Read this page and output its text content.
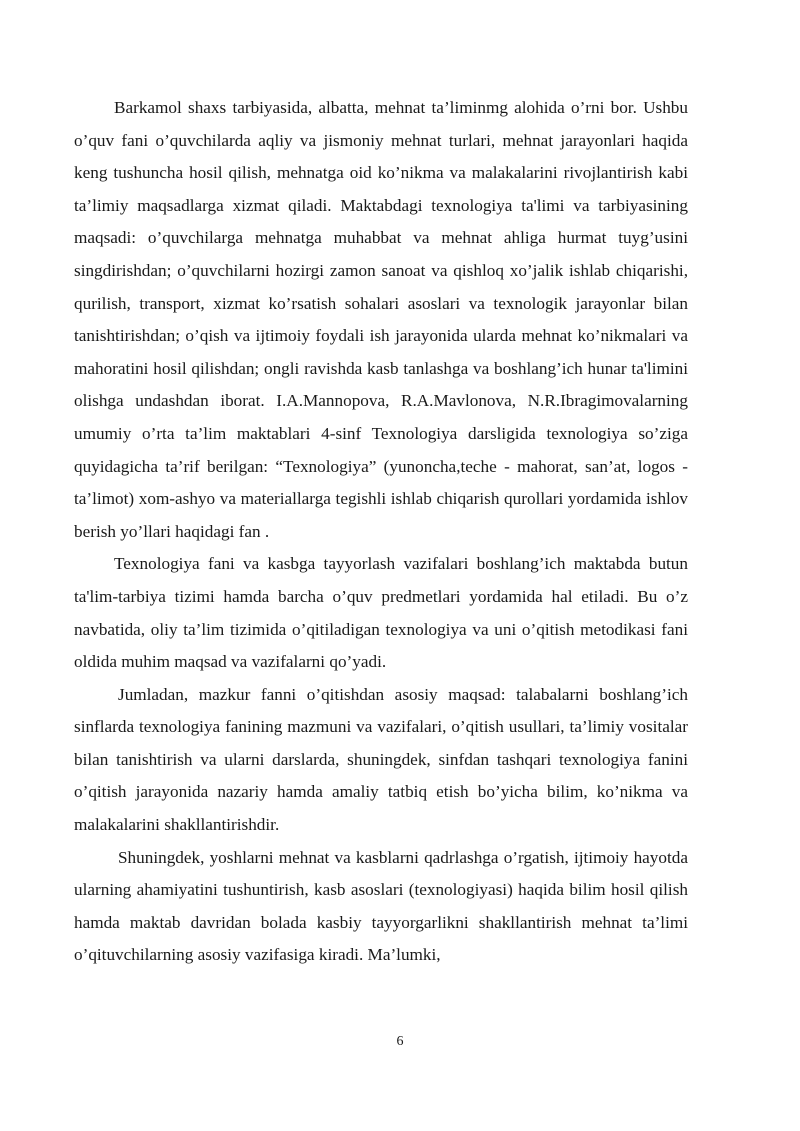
Barkamol shaxs tarbiyasida, albatta, mehnat ta’liminmg alohida o’rni bor. Ushbu o’quv fani o’quvchilarda aqliy va jismoniy mehnat turlari, mehnat jarayonlari haqida keng tushuncha hosil qilish, mehnatga oid ko’nikma va malakalarini rivojlantirish kabi ta’limiy maqsadlarga xizmat qiladi. Maktabdagi texnologiya ta'limi va tarbiyasining maqsadi: o’quvchilarga mehnatga muhabbat va mehnat ahliga hurmat tuyg’usini singdirishdan; o’quvchilarni hozirgi zamon sanoat va qishloq xo’jalik ishlab chiqarishi, qurilish, transport, xizmat ko’rsatish sohalari asoslari va texnologik jarayonlar bilan tanishtirishdan; o’qish va ijtimoiy foydali ish jarayonida ularda mehnat ko’nikmalari va mahoratini hosil qilishdan; ongli ravishda kasb tanlashga va boshlang’ich hunar ta'limini olishga undashdan iborat. I.A.Mannopova, R.A.Mavlonova, N.R.Ibragimovalarning umumiy o’rta ta’lim maktablari 4-sinf Texnologiya darsligida texnologiya so’ziga quyidagicha ta’rif berilgan: “Texnologiya” (yunoncha,teche - mahorat, san’at, logos -ta’limot) xom-ashyo va materiallarga tegishli ishlab chiqarish qurollari yordamida ishlov berish yo’llari haqidagi fan .

Texnologiya fani va kasbga tayyorlash vazifalari boshlang’ich maktabda butun ta'lim-tarbiya tizimi hamda barcha o’quv predmetlari yordamida hal etiladi. Bu o’z navbatida, oliy ta’lim tizimida o’qitiladigan texnologiya va uni o’qitish metodikasi fani oldida muhim maqsad va vazifalarni qo’yadi.

Jumladan, mazkur fanni o’qitishdan asosiy maqsad: talabalarni boshlang’ich sinflarda texnologiya fanining mazmuni va vazifalari, o’qitish usullari, ta’limiy vositalar bilan tanishtirish va ularni darslarda, shuningdek, sinfdan tashqari texnologiya fanini o’qitish jarayonida nazariy hamda amaliy tatbiq etish bo’yicha bilim, ko’nikma va malakalarini shakllantirishdir.

Shuningdek, yoshlarni mehnat va kasblarni qadrlashga o’rgatish, ijtimoiy hayotda ularning ahamiyatini tushuntirish, kasb asoslari (texnologiyasi) haqida bilim hosil qilish hamda maktab davridan bolada kasbiy tayyorgarlikni shakllantirish mehnat ta’limi o’qituvchilarning asosiy vazifasiga kiradi. Ma’lumki,

6
